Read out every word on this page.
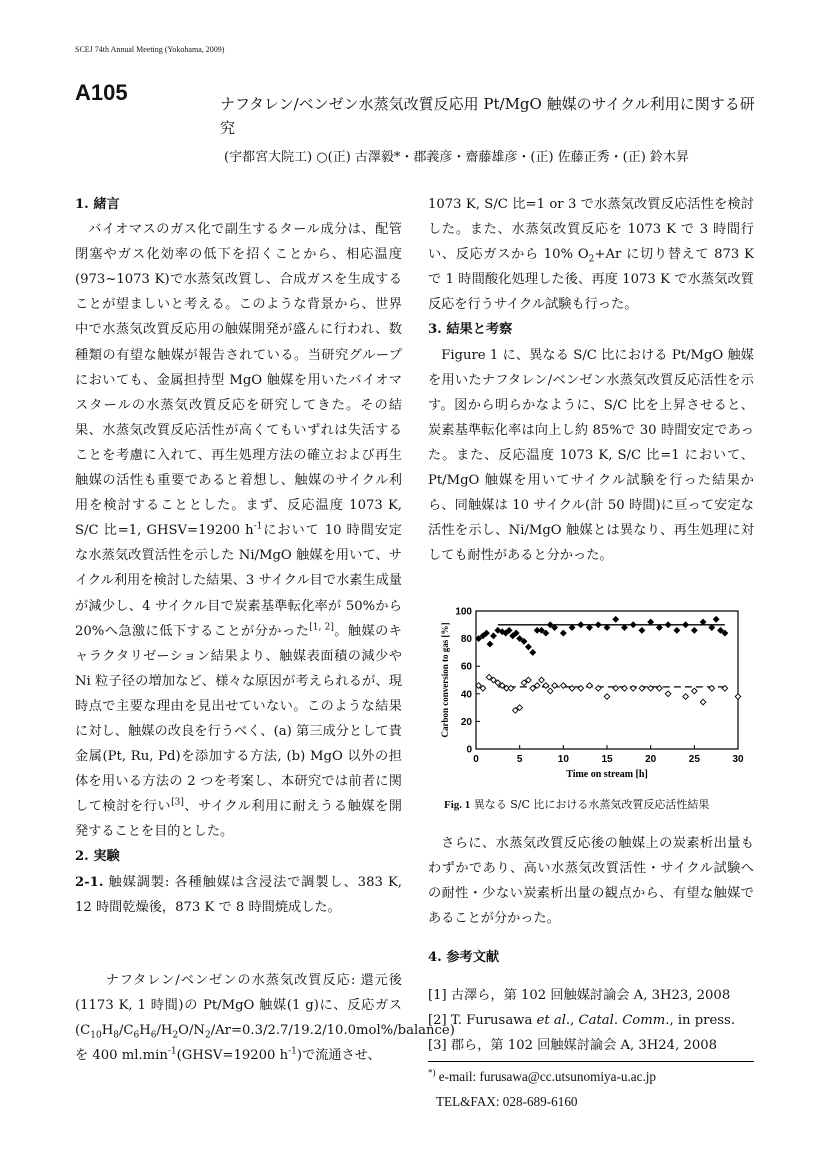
SCEJ 74th Annual Meeting (Yokohama, 2009)
A105	ナフタレン/ベンゼン水蒸気改質反応用 Pt/MgO 触媒のサイクル利用に関する研究
(宇都宮大院工) ○(正) 古澤毅*・郡義彦・齋藤雄彦・(正) 佐藤正秀・(正) 鈴木昇

1. 緒言

バイオマスのガス化で副生するタール成分は、配管閉塞やガス化効率の低下を招くことから、相応温度(973~1073 K)で水蒸気改質し、合成ガスを生成することが望ましいと考える。このような背景から、世界中で水蒸気改質反応用の触媒開発が盛んに行われ、数種類の有望な触媒が報告されている。当研究グループにおいても、金属担持型 MgO 触媒を用いたバイオマスタールの水蒸気改質反応を研究してきた。その結果、水蒸気改質反応活性が高くてもいずれは失活することを考慮に入れて、再生処理方法の確立および再生触媒の活性も重要であると着想し、触媒のサイクル利用を検討することとした。まず、反応温度 1073 K, S/C 比=1, GHSV=19200 $h^{-1}$において 10 時間安定な水蒸気改質活性を示した Ni/MgO 触媒を用いて、サイクル利用を検討した結果、3 サイクル目で水素生成量が減少し、4 サイクル目で炭素基準転化率が 50%から 20%へ急激に低下することが分かった[1, 2]。触媒のキャラクタリゼーション結果より、触媒表面積の減少や Ni 粒子径の増加など、様々な原因が考えられるが、現時点で主要な理由を見出せていない。このような結果に対し、触媒の改良を行うべく、(a) 第三成分として貴金属(Pt, Ru, Pd)を添加する方法, (b) MgO 以外の担体を用いる方法の 2 つを考案し、本研究では前者に関して検討を行い[3]、サイクル利用に耐えうる触媒を開発することを目的とした。

2. 実験

2-1. 触媒調製: 各種触媒は含浸法で調製し、383 K, 12 時間乾燥後，873 K で 8 時間焼成した。

ナフタレン/ベンゼンの水蒸気改質反応: 還元後(1173 K, 1 時間)の Pt/MgO 触媒(1 g)に、反応ガス$(C_{10}H_8/C_6H_6/H_2O/N_2/Ar=0.3/2.7/19.2/10.0mol\%/balance)$を 400 $ml.\min^{-1}(GHSV=19200$ $h^{-1}$)で流通させ、

1073 K, S/C 比=1 or 3 で水蒸気改質反応活性を検討した。また、水蒸気改質反応を 1073 K で 3 時間行い、反応ガスから 10% $O_2+Ar$ に切り替えて 873 K で 1 時間酸化処理した後、再度 1073 K で水蒸気改質反応を行うサイクル試験も行った。

3. 結果と考察

Figure 1 に、異なる S/C 比における Pt/MgO 触媒を用いたナフタレン/ベンゼン水蒸気改質反応活性を示す。図から明らかなように、S/C 比を上昇させると、炭素基準転化率は向上し約 85%で 30 時間安定であった。また、反応温度 1073 K, S/C 比=1 において、Pt/MgO 触媒を用いてサイクル試験を行った結果から、同触媒は 10 サイクル(計 50 時間)に亘って安定な活性を示し、Ni/MgO 触媒とは異なり、再生処理に対しても耐性があると分かった。

0	5	10	15	20	25	30
0
20
40
60
80
100
Time on stream [h]
Carbon conversion to gas [%]
Fig. 1 異なる S/C 比における水蒸気改質反応活性結果

さらに、水蒸気改質反応後の触媒上の炭素析出量もわずかであり、高い水蒸気改質活性・サイクル試験への耐性・少ない炭素析出量の観点から、有望な触媒であることが分かった。

4. 参考文献

[1] 古澤ら，第 102 回触媒討論会 A, 3H23, 2008

[2] T. Furusawa et al., Catal. Comm., in press.

[3] 郡ら，第 102 回触媒討論会 A, 3H24, 2008

*) e-mail: furusawa@cc.utsunomiya-u.ac.jp
TEL&FAX: 028-689-6160
